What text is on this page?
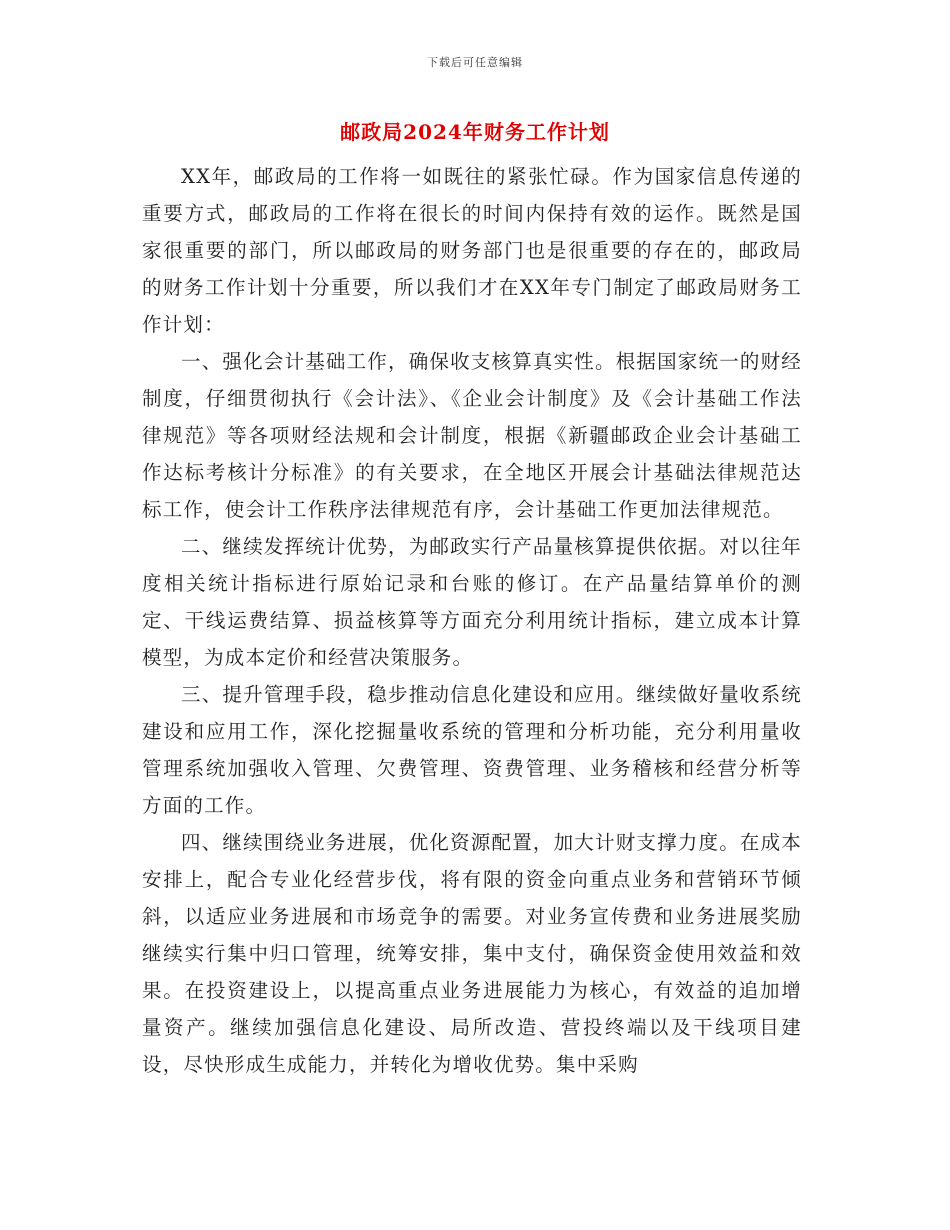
下载后可任意编辑
邮政局2024年财务工作计划

XX年，邮政局的工作将一如既往的紧张忙碌。作为国家信息传递的重要方式，邮政局的工作将在很长的时间内保持有效的运作。既然是国家很重要的部门，所以邮政局的财务部门也是很重要的存在的，邮政局的财务工作计划十分重要，所以我们才在XX年专门制定了邮政局财务工作计划：

一、强化会计基础工作，确保收支核算真实性。根据国家统一的财经制度，仔细贯彻执行《会计法》、《企业会计制度》及《会计基础工作法律规范》等各项财经法规和会计制度，根据《新疆邮政企业会计基础工作达标考核计分标准》的有关要求，在全地区开展会计基础法律规范达标工作，使会计工作秩序法律规范有序，会计基础工作更加法律规范。

二、继续发挥统计优势，为邮政实行产品量核算提供依据。对以往年度相关统计指标进行原始记录和台账的修订。在产品量结算单价的测定、干线运费结算、损益核算等方面充分利用统计指标，建立成本计算模型，为成本定价和经营决策服务。

三、提升管理手段，稳步推动信息化建设和应用。继续做好量收系统建设和应用工作，深化挖掘量收系统的管理和分析功能，充分利用量收管理系统加强收入管理、欠费管理、资费管理、业务稽核和经营分析等方面的工作。

四、继续围绕业务进展，优化资源配置，加大计财支撑力度。在成本安排上，配合专业化经营步伐，将有限的资金向重点业务和营销环节倾斜，以适应业务进展和市场竞争的需要。对业务宣传费和业务进展奖励继续实行集中归口管理，统筹安排，集中支付，确保资金使用效益和效果。在投资建设上，以提高重点业务进展能力为核心，有效益的追加增量资产。继续加强信息化建设、局所改造、营投终端以及干线项目建设，尽快形成生成能力，并转化为增收优势。集中采购
